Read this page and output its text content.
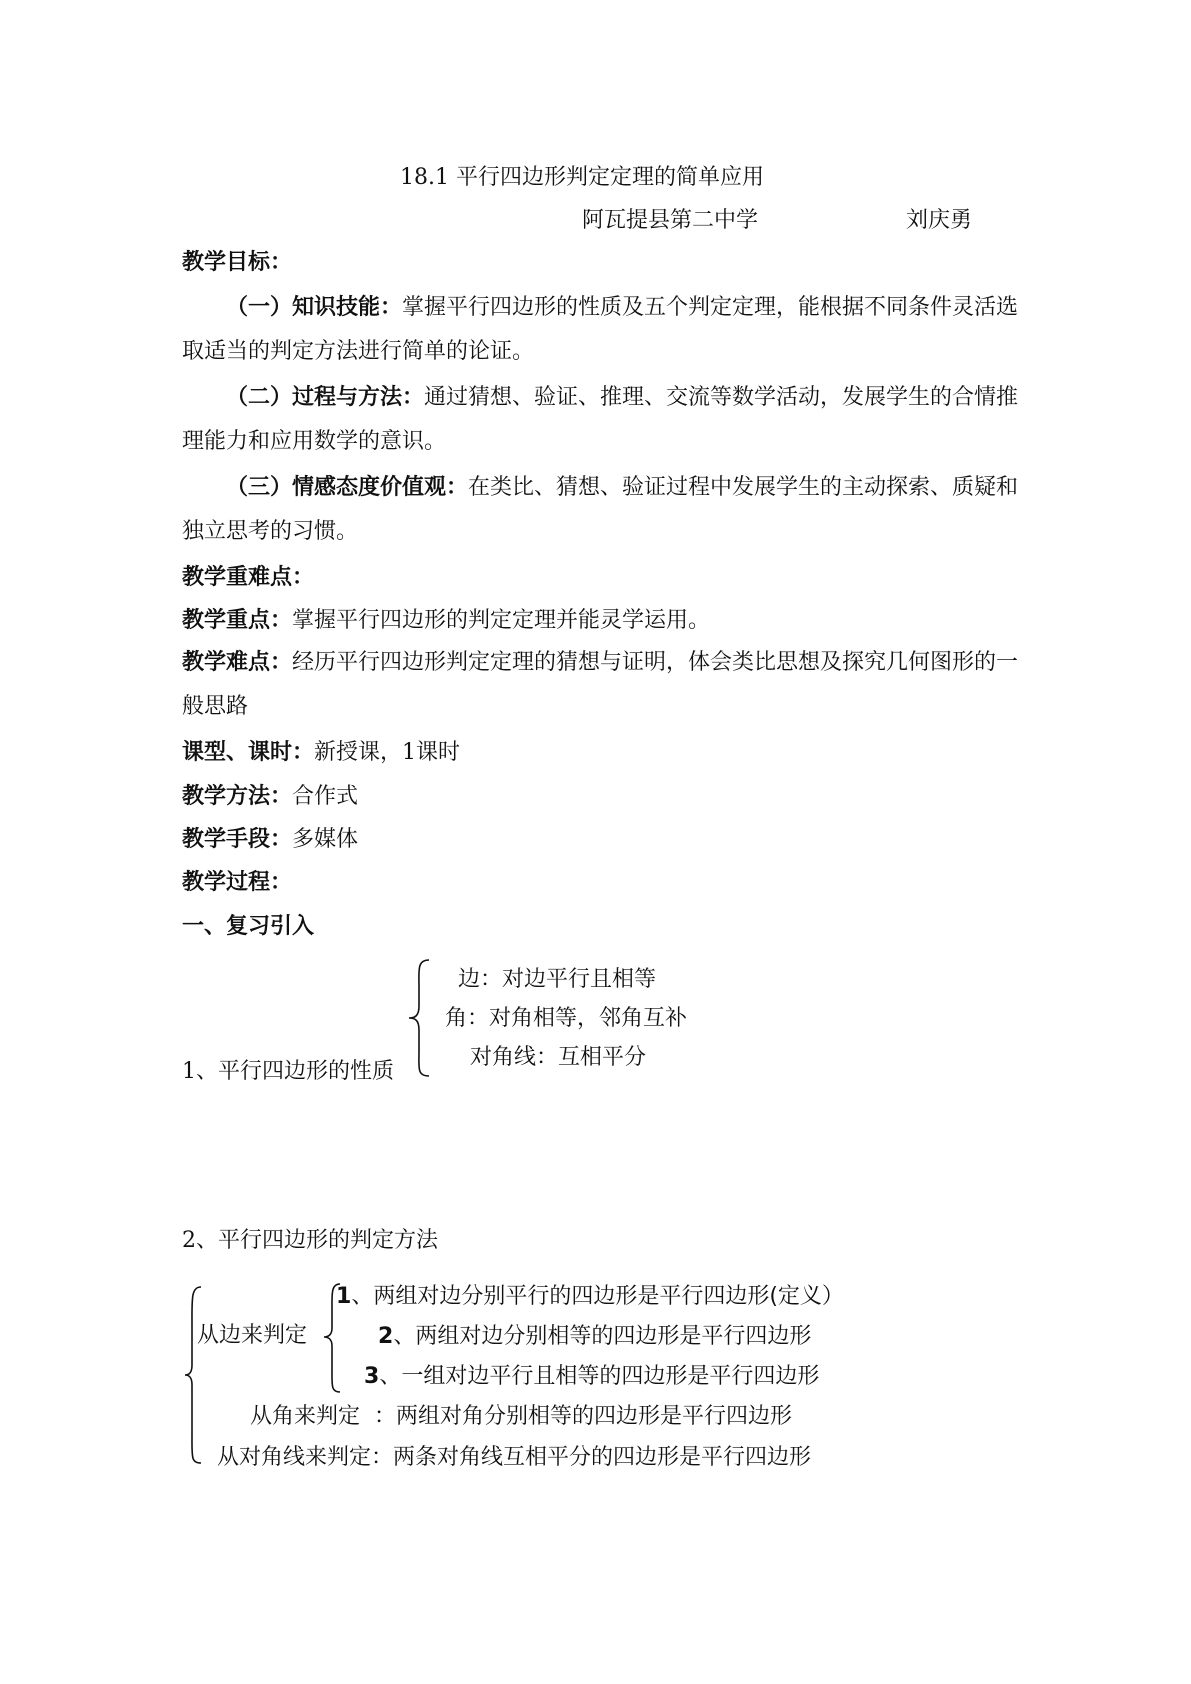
18.1 平行四边形判定定理的简单应用
阿瓦提县第二中学	刘庆勇
教学目标：
（一）知识技能：掌握平行四边形的性质及五个判定定理，能根据不同条件灵活选取适当的判定方法进行简单的论证。
（二）过程与方法：通过猜想、验证、推理、交流等数学活动，发展学生的合情推理能力和应用数学的意识。
（三）情感态度价值观：在类比、猜想、验证过程中发展学生的主动探索、质疑和独立思考的习惯。
教学重难点：
教学重点：掌握平行四边形的判定定理并能灵学运用。
教学难点：经历平行四边形判定定理的猜想与证明，体会类比思想及探究几何图形的一般思路
课型、课时：新授课，1课时
教学方法：合作式
教学手段：多媒体
教学过程：
一、复习引入
边：对边平行且相等
角：对角相等，邻角互补
对角线：互相平分
1、平行四边形的性质
2、平行四边形的判定方法
从边来判定
1、两组对边分别平行的四边形是平行四边形(定义）
2、两组对边分别相等的四边形是平行四边形
3、一组对边平行且相等的四边形是平行四边形
从角来判定 ：两组对角分别相等的四边形是平行四边形
从对角线来判定：两条对角线互相平分的四边形是平行四边形
